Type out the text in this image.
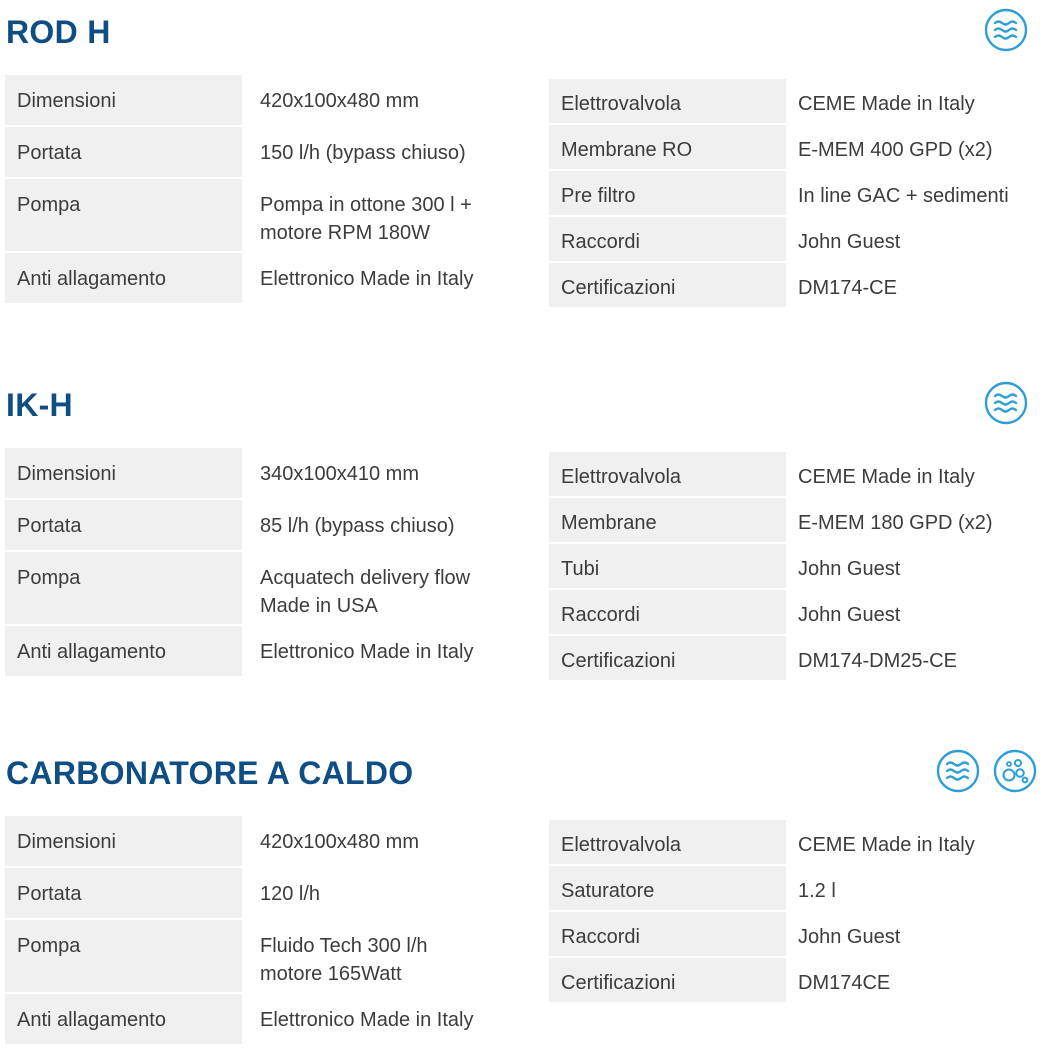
ROD H
Dimensioni	420x100x480 mm
Portata	150 l/h (bypass chiuso)
Pompa	Pompa in ottone 300 l +
motore RPM 180W
Anti allagamento	Elettronico Made in Italy
Elettrovalvola	CEME Made in Italy
Membrane RO	E-MEM 400 GPD (x2)
Pre filtro	In line GAC + sedimenti
Raccordi	John Guest
Certificazioni	DM174-CE
IK-H
Dimensioni	340x100x410 mm
Portata	85 l/h (bypass chiuso)
Pompa	Acquatech delivery flow
Made in USA
Anti allagamento	Elettronico Made in Italy
Elettrovalvola	CEME Made in Italy
Membrane	E-MEM 180 GPD (x2)
Tubi	John Guest
Raccordi	John Guest
Certificazioni	DM174-DM25-CE
CARBONATORE A CALDO
Dimensioni	420x100x480 mm
Portata	120 l/h
Pompa	Fluido Tech 300 l/h
motore 165Watt
Anti allagamento	Elettronico Made in Italy
Elettrovalvola	CEME Made in Italy
Saturatore	1.2 l
Raccordi	John Guest
Certificazioni	DM174CE
